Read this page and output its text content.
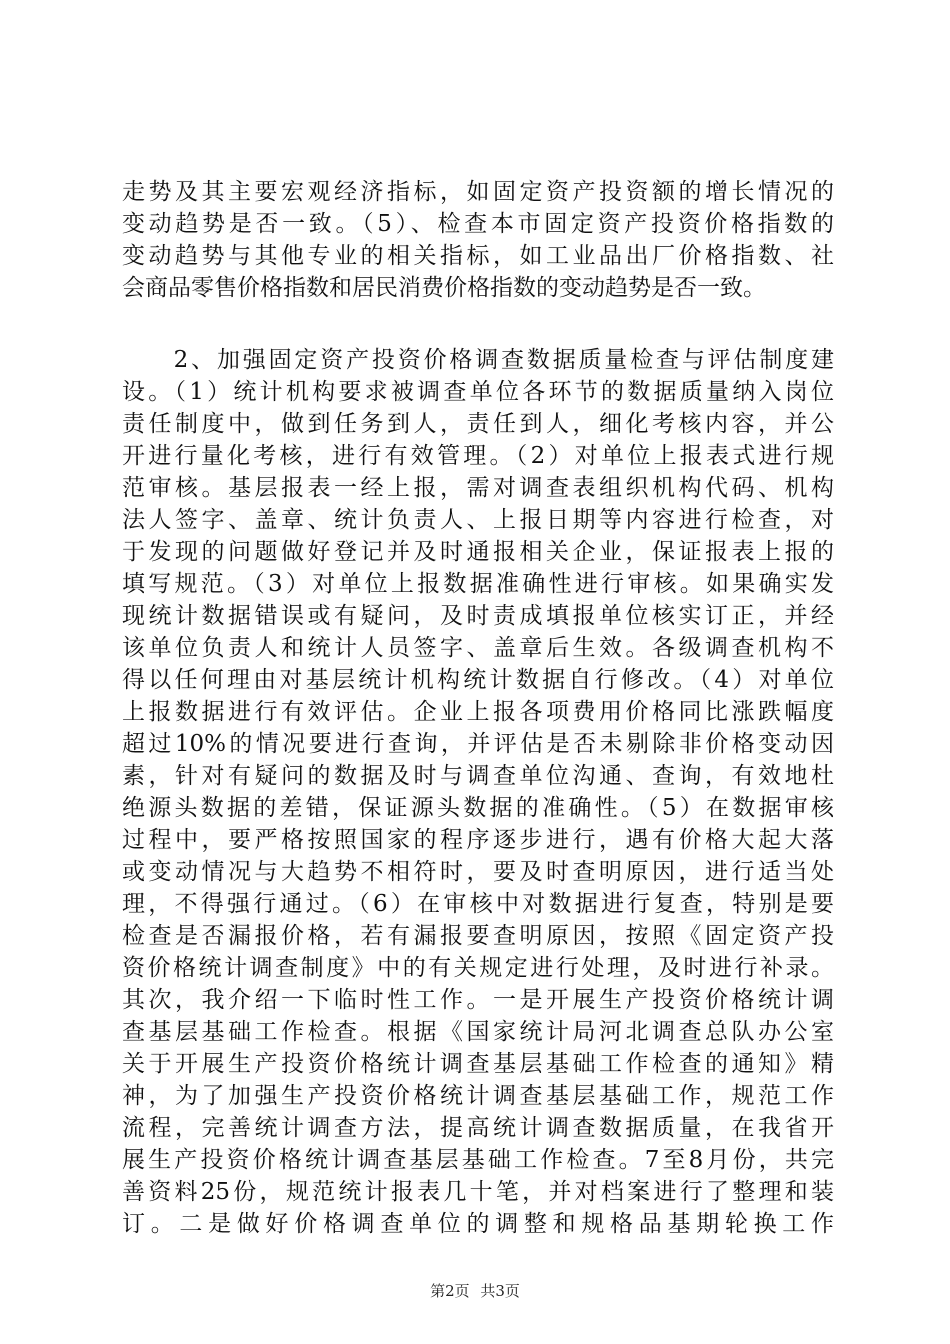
走势及其主要宏观经济指标，如固定资产投资额的增长情况的
变动趋势是否一致。（5）、检查本市固定资产投资价格指数的
变动趋势与其他专业的相关指标，如工业品出厂价格指数、社
会商品零售价格指数和居民消费价格指数的变动趋势是否一致。
　　2、加强固定资产投资价格调查数据质量检查与评估制度建
设。（1）统计机构要求被调查单位各环节的数据质量纳入岗位
责任制度中，做到任务到人，责任到人，细化考核内容，并公
开进行量化考核，进行有效管理。（2）对单位上报表式进行规
范审核。基层报表一经上报，需对调查表组织机构代码、机构
法人签字、盖章、统计负责人、上报日期等内容进行检查，对
于发现的问题做好登记并及时通报相关企业，保证报表上报的
填写规范。（3）对单位上报数据准确性进行审核。如果确实发
现统计数据错误或有疑问，及时责成填报单位核实订正，并经
该单位负责人和统计人员签字、盖章后生效。各级调查机构不
得以任何理由对基层统计机构统计数据自行修改。（4）对单位
上报数据进行有效评估。企业上报各项费用价格同比涨跌幅度
超过10%的情况要进行查询，并评估是否未剔除非价格变动因
素，针对有疑问的数据及时与调查单位沟通、查询，有效地杜
绝源头数据的差错，保证源头数据的准确性。（5）在数据审核
过程中，要严格按照国家的程序逐步进行，遇有价格大起大落
或变动情况与大趋势不相符时，要及时查明原因，进行适当处
理，不得强行通过。（6）在审核中对数据进行复查，特别是要
检查是否漏报价格，若有漏报要查明原因，按照《固定资产投
资价格统计调查制度》中的有关规定进行处理，及时进行补录。
其次，我介绍一下临时性工作。一是开展生产投资价格统计调
查基层基础工作检查。根据《国家统计局河北调查总队办公室
关于开展生产投资价格统计调查基层基础工作检查的通知》精
神，为了加强生产投资价格统计调查基层基础工作，规范工作
流程，完善统计调查方法，提高统计调查数据质量，在我省开
展生产投资价格统计调查基层基础工作检查。7至8月份，共完
善资料25份，规范统计报表几十笔，并对档案进行了整理和装
订。二是做好价格调查单位的调整和规格品基期轮换工作
第2页 共3页
